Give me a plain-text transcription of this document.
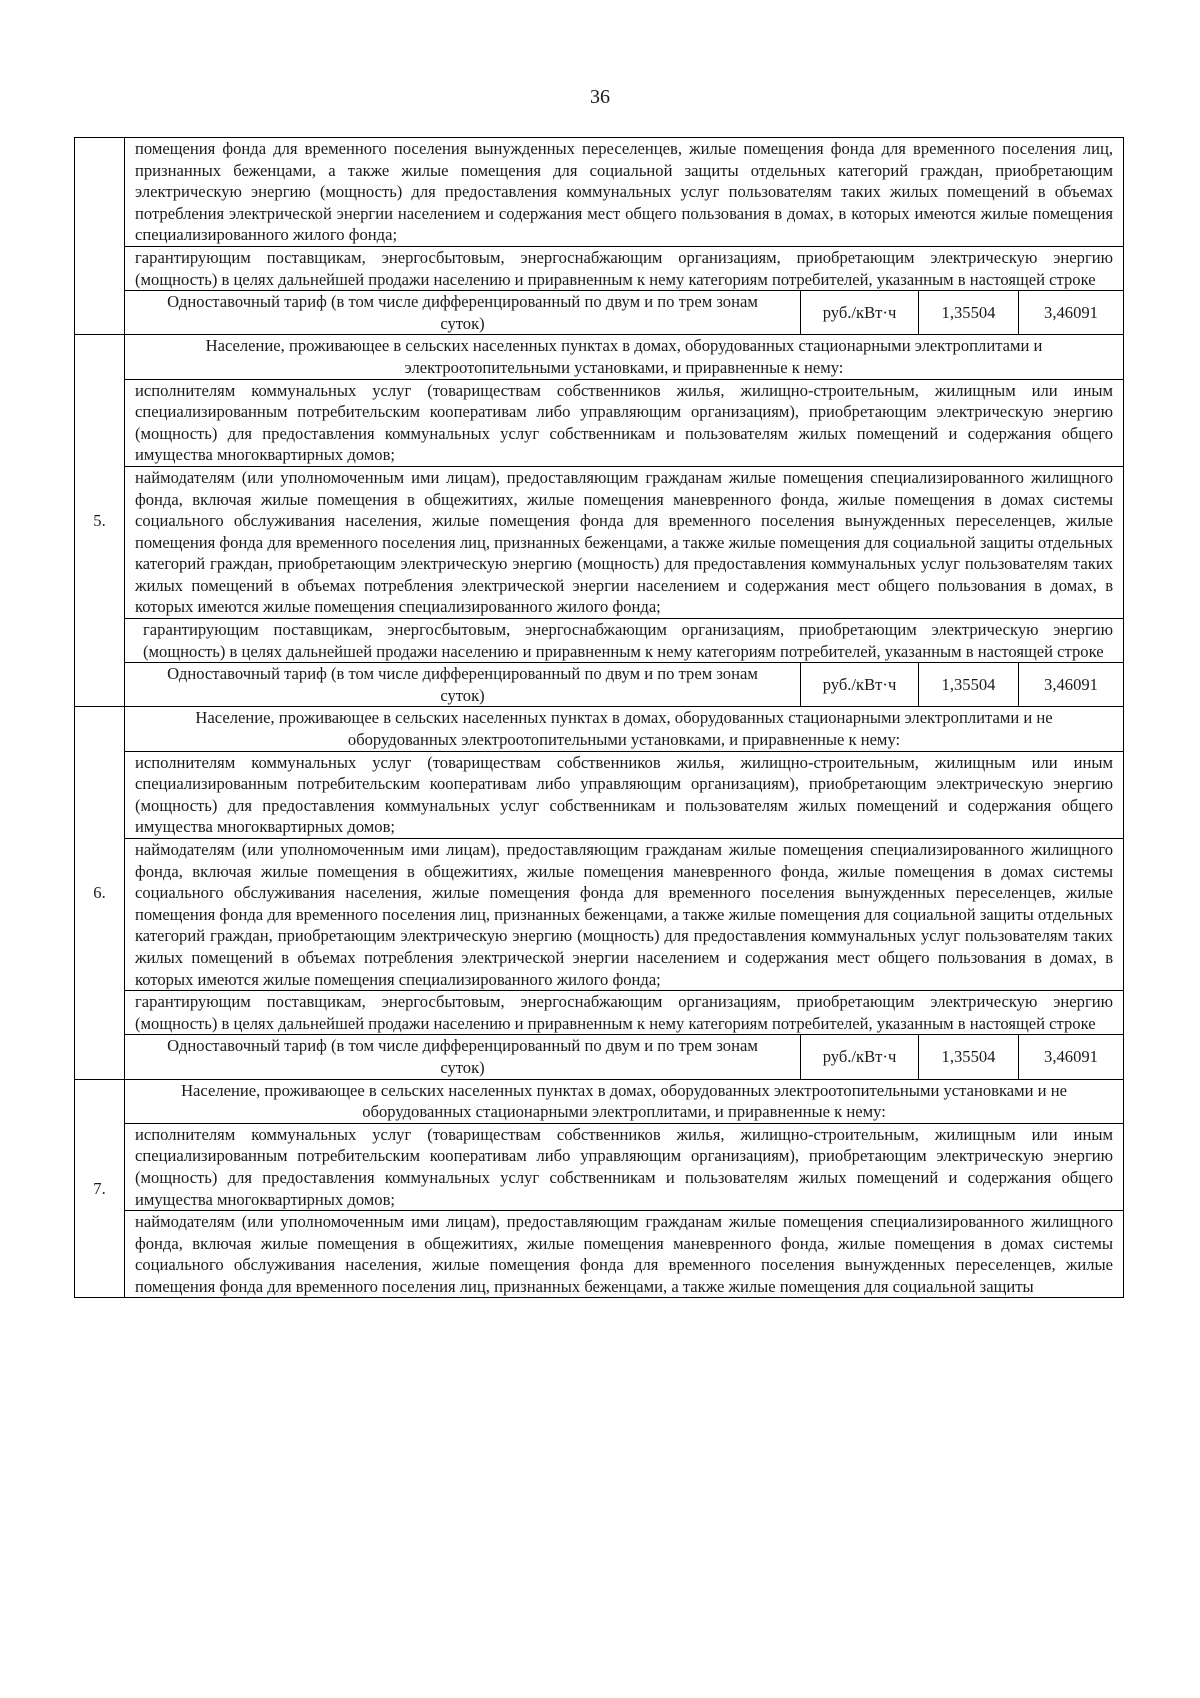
36
	помещения фонда для временного поселения вынужденных переселенцев, жилые помещения фонда для временного поселения лиц, признанных беженцами, а также жилые помещения для социальной защиты отдельных категорий граждан, приобретающим электрическую энергию (мощность) для предоставления коммунальных услуг пользователям таких жилых помещений в объемах потребления электрической энергии населением и содержания мест общего пользования в домах, в которых имеются жилые помещения специализированного жилого фонда;			
	гарантирующим поставщикам, энергосбытовым, энергоснабжающим организациям, приобретающим электрическую энергию (мощность) в целях дальнейшей продажи населению и приравненным к нему категориям потребителей, указанным в настоящей строке			
	Одноставочный тариф (в том числе дифференцированный по двум и по трем зонам суток)	руб./кВт·ч	1,35504	3,46091
5.	Население, проживающее в сельских населенных пунктах в домах, оборудованных стационарными электроплитами и электроотопительными установками, и приравненные к нему:			
	исполнителям коммунальных услуг (товариществам собственников жилья, жилищно-строительным, жилищным или иным специализированным потребительским кооперативам либо управляющим организациям), приобретающим электрическую энергию (мощность) для предоставления коммунальных услуг собственникам и пользователям жилых помещений и содержания общего имущества многоквартирных домов;			
	наймодателям (или уполномоченным ими лицам), предоставляющим гражданам жилые помещения специализированного жилищного фонда, включая жилые помещения в общежитиях, жилые помещения маневренного фонда, жилые помещения в домах системы социального обслуживания населения, жилые помещения фонда для временного поселения вынужденных переселенцев, жилые помещения фонда для временного поселения лиц, признанных беженцами, а также жилые помещения для социальной защиты отдельных категорий граждан, приобретающим электрическую энергию (мощность) для предоставления коммунальных услуг пользователям таких жилых помещений в объемах потребления электрической энергии населением и содержания мест общего пользования в домах, в которых имеются жилые помещения специализированного жилого фонда;			
	гарантирующим поставщикам, энергосбытовым, энергоснабжающим организациям, приобретающим электрическую энергию (мощность) в целях дальнейшей продажи населению и приравненным к нему категориям потребителей, указанным в настоящей строке			
	Одноставочный тариф (в том числе дифференцированный по двум и по трем зонам суток)	руб./кВт·ч	1,35504	3,46091
6.	Население, проживающее в сельских населенных пунктах в домах, оборудованных стационарными электроплитами и не оборудованных электроотопительными установками, и приравненные к нему:			
	исполнителям коммунальных услуг (товариществам собственников жилья, жилищно-строительным, жилищным или иным специализированным потребительским кооперативам либо управляющим организациям), приобретающим электрическую энергию (мощность) для предоставления коммунальных услуг собственникам и пользователям жилых помещений и содержания общего имущества многоквартирных домов;			
	наймодателям (или уполномоченным ими лицам), предоставляющим гражданам жилые помещения специализированного жилищного фонда, включая жилые помещения в общежитиях, жилые помещения маневренного фонда, жилые помещения в домах системы социального обслуживания населения, жилые помещения фонда для временного поселения вынужденных переселенцев, жилые помещения фонда для временного поселения лиц, признанных беженцами, а также жилые помещения для социальной защиты отдельных категорий граждан, приобретающим электрическую энергию (мощность) для предоставления коммунальных услуг пользователям таких жилых помещений в объемах потребления электрической энергии населением и содержания мест общего пользования в домах, в которых имеются жилые помещения специализированного жилого фонда;			
	гарантирующим поставщикам, энергосбытовым, энергоснабжающим организациям, приобретающим электрическую энергию (мощность) в целях дальнейшей продажи населению и приравненным к нему категориям потребителей, указанным в настоящей строке			
	Одноставочный тариф (в том числе дифференцированный по двум и по трем зонам суток)	руб./кВт·ч	1,35504	3,46091
7.	Население, проживающее в сельских населенных пунктах в домах, оборудованных электроотопительными установками и не оборудованных стационарными электроплитами, и приравненные к нему:			
	исполнителям коммунальных услуг (товариществам собственников жилья, жилищно-строительным, жилищным или иным специализированным потребительским кооперативам либо управляющим организациям), приобретающим электрическую энергию (мощность) для предоставления коммунальных услуг собственникам и пользователям жилых помещений и содержания общего имущества многоквартирных домов;			
	наймодателям (или уполномоченным ими лицам), предоставляющим гражданам жилые помещения специализированного жилищного фонда, включая жилые помещения в общежитиях, жилые помещения маневренного фонда, жилые помещения в домах системы социального обслуживания населения, жилые помещения фонда для временного поселения вынужденных переселенцев, жилые помещения фонда для временного поселения лиц, признанных беженцами, а также жилые помещения для социальной защиты			
